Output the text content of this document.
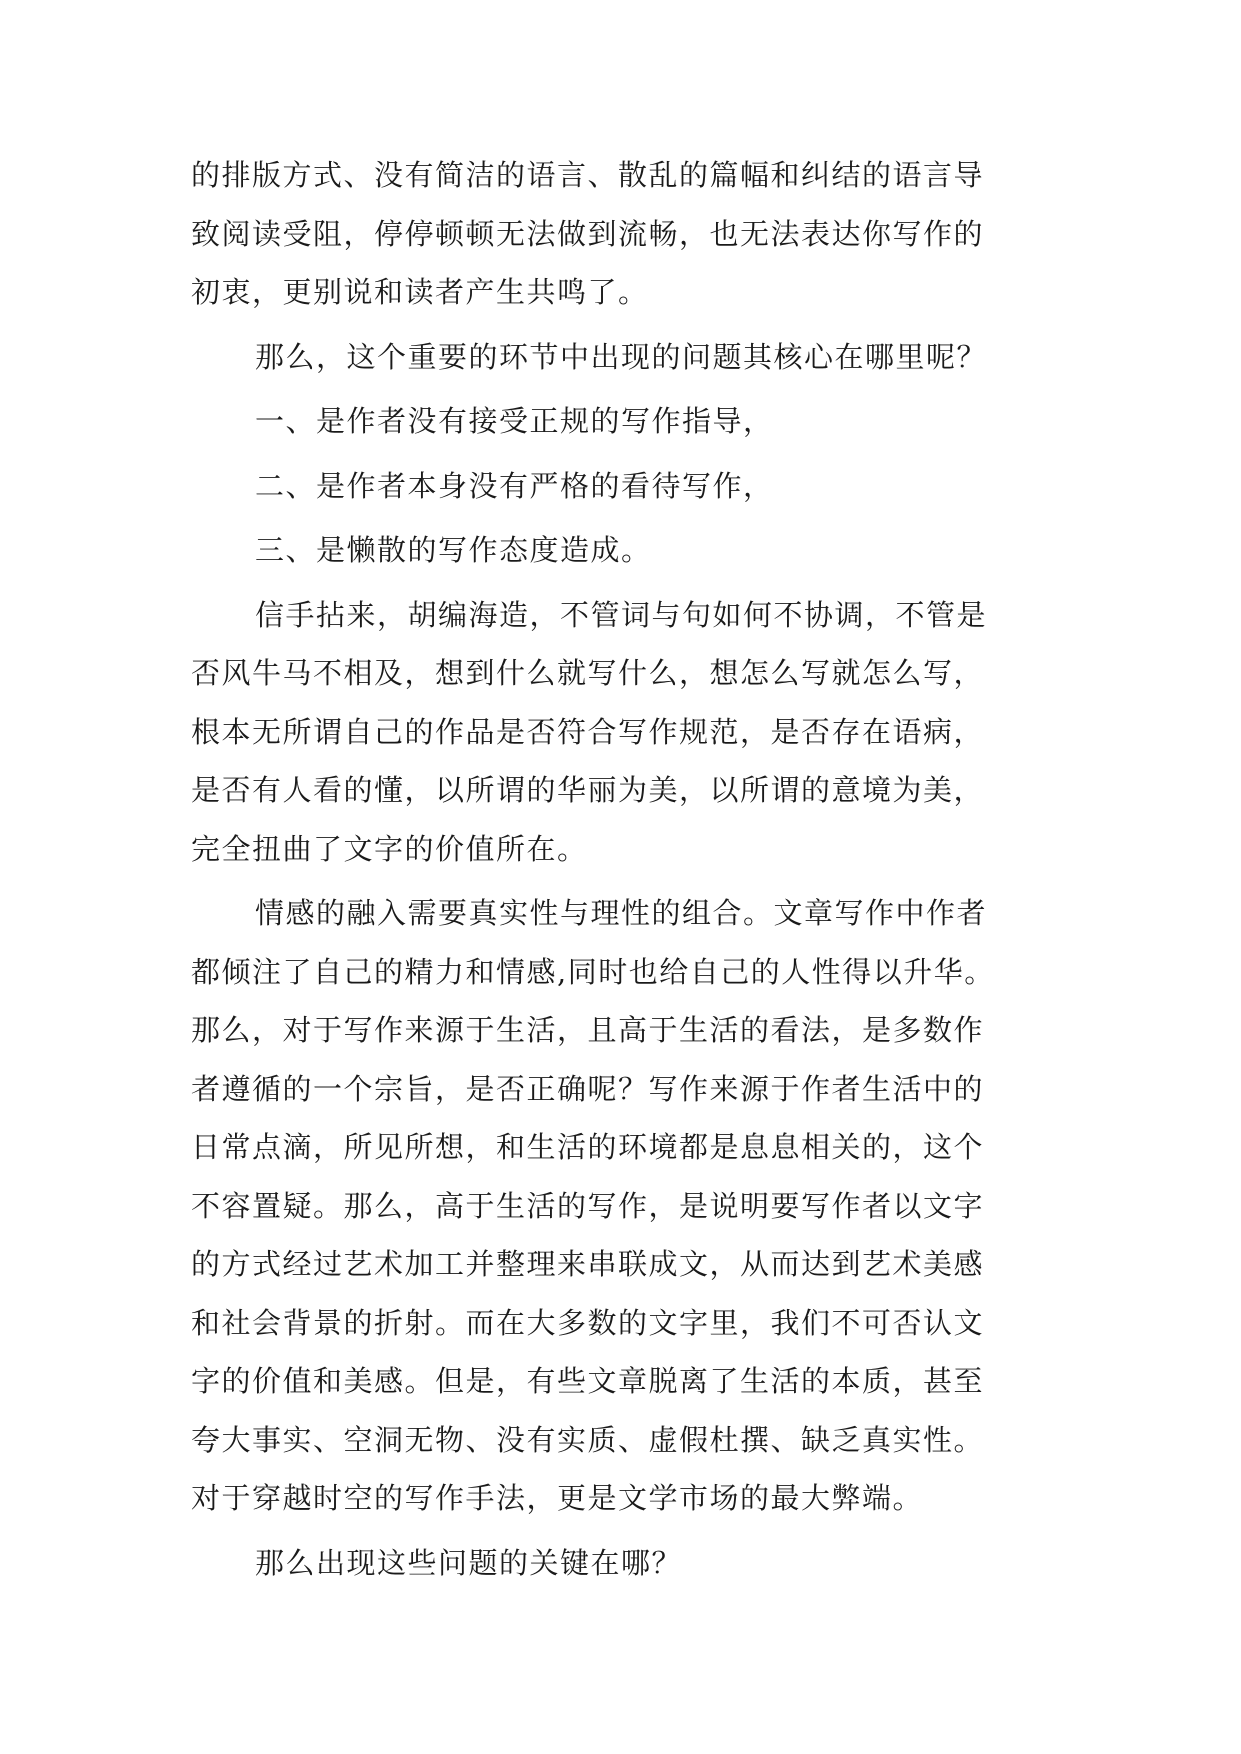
的排版方式、没有简洁的语言、散乱的篇幅和纠结的语言导
致阅读受阻，停停顿顿无法做到流畅，也无法表达你写作的
初衷，更别说和读者产生共鸣了。
那么，这个重要的环节中出现的问题其核心在哪里呢？
一、是作者没有接受正规的写作指导，
二、是作者本身没有严格的看待写作，
三、是懒散的写作态度造成。
信手拈来，胡编海造，不管词与句如何不协调，不管是
否风牛马不相及，想到什么就写什么，想怎么写就怎么写，
根本无所谓自己的作品是否符合写作规范，是否存在语病，
是否有人看的懂，以所谓的华丽为美，以所谓的意境为美，
完全扭曲了文字的价值所在。
情感的融入需要真实性与理性的组合。文章写作中作者
都倾注了自己的精力和情感,同时也给自己的人性得以升华。
那么，对于写作来源于生活，且高于生活的看法，是多数作
者遵循的一个宗旨，是否正确呢？写作来源于作者生活中的
日常点滴，所见所想，和生活的环境都是息息相关的，这个
不容置疑。那么，高于生活的写作，是说明要写作者以文字
的方式经过艺术加工并整理来串联成文，从而达到艺术美感
和社会背景的折射。而在大多数的文字里，我们不可否认文
字的价值和美感。但是，有些文章脱离了生活的本质，甚至
夸大事实、空洞无物、没有实质、虚假杜撰、缺乏真实性。
对于穿越时空的写作手法，更是文学市场的最大弊端。
那么出现这些问题的关键在哪？
